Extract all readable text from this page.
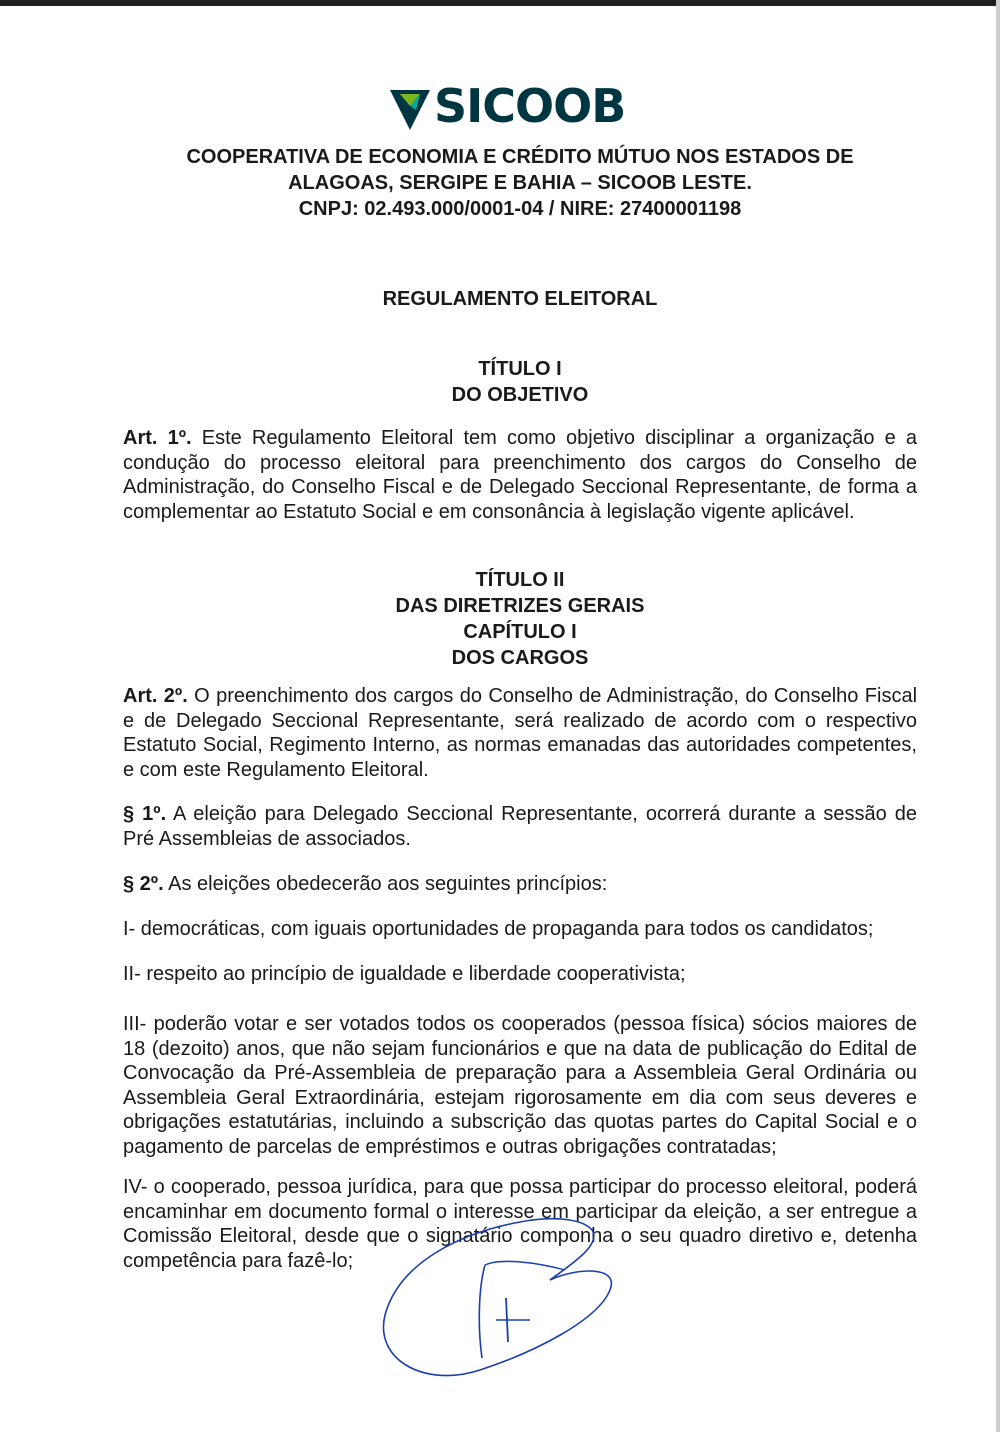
SICOOB
COOPERATIVA DE ECONOMIA E CRÉDITO MÚTUO NOS ESTADOS DE
ALAGOAS, SERGIPE E BAHIA – SICOOB LESTE.
CNPJ: 02.493.000/0001-04 / NIRE: 27400001198
REGULAMENTO ELEITORAL
TÍTULO I
DO OBJETIVO
Art. 1º. Este Regulamento Eleitoral tem como objetivo disciplinar a organização e a condução do processo eleitoral para preenchimento dos cargos do Conselho de Administração, do Conselho Fiscal e de Delegado Seccional Representante, de forma a complementar ao Estatuto Social e em consonância à legislação vigente aplicável.
TÍTULO II
DAS DIRETRIZES GERAIS
CAPÍTULO I
DOS CARGOS
Art. 2º. O preenchimento dos cargos do Conselho de Administração, do Conselho Fiscal e de Delegado Seccional Representante, será realizado de acordo com o respectivo Estatuto Social, Regimento Interno, as normas emanadas das autoridades competentes, e com este Regulamento Eleitoral.
§ 1º. A eleição para Delegado Seccional Representante, ocorrerá durante a sessão de Pré Assembleias de associados.
§ 2º. As eleições obedecerão aos seguintes princípios:
I- democráticas, com iguais oportunidades de propaganda para todos os candidatos;
II- respeito ao princípio de igualdade e liberdade cooperativista;
III- poderão votar e ser votados todos os cooperados (pessoa física) sócios maiores de 18 (dezoito) anos, que não sejam funcionários e que na data de publicação do Edital de Convocação da Pré-Assembleia de preparação para a Assembleia Geral Ordinária ou Assembleia Geral Extraordinária, estejam rigorosamente em dia com seus deveres e obrigações estatutárias, incluindo a subscrição das quotas partes do Capital Social e o pagamento de parcelas de empréstimos e outras obrigações contratadas;
IV- o cooperado, pessoa jurídica, para que possa participar do processo eleitoral, poderá encaminhar em documento formal o interesse em participar da eleição, a ser entregue a Comissão Eleitoral, desde que o signatário componha o seu quadro diretivo e, detenha competência para fazê-lo;
